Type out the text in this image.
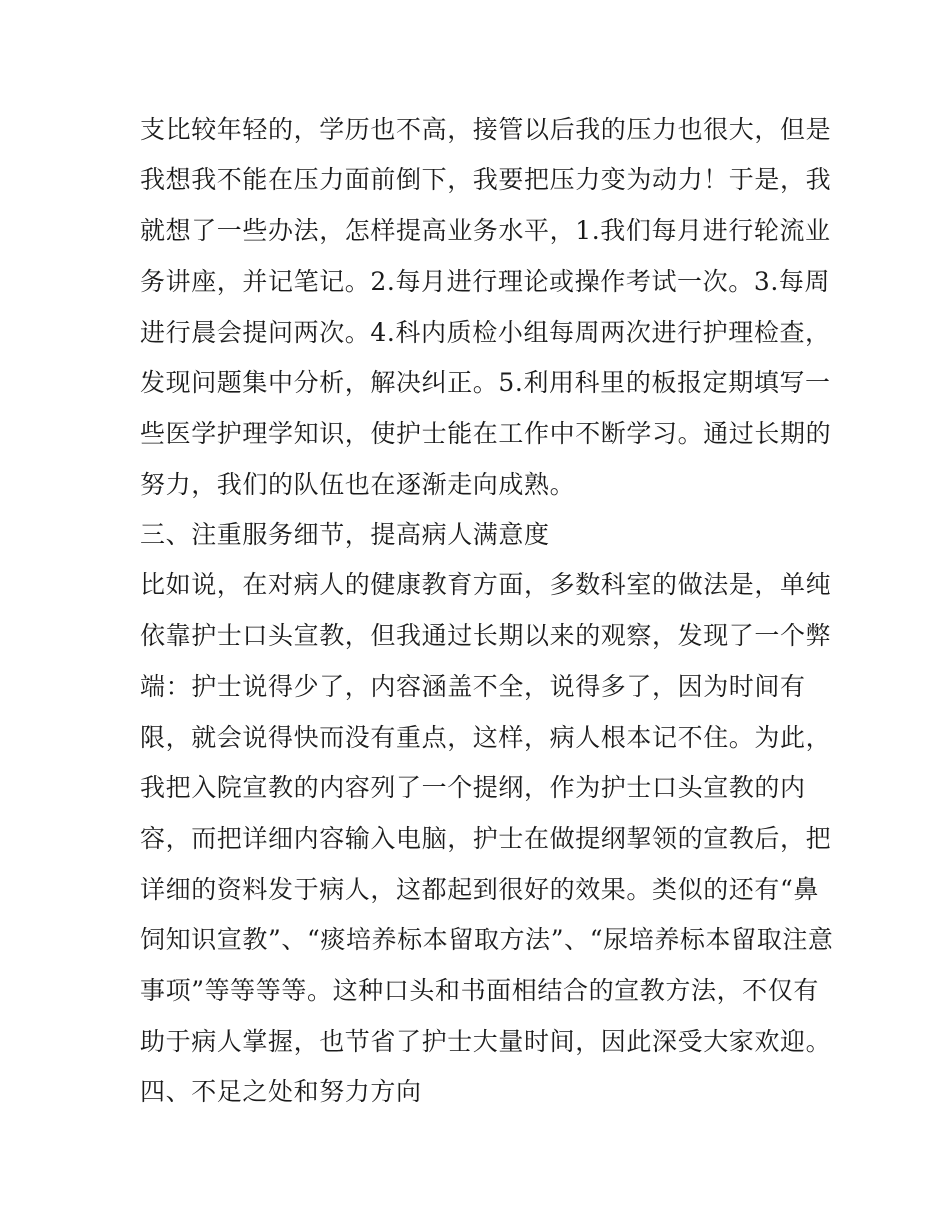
支比较年轻的，学历也不高，接管以后我的压力也很大，但是
我想我不能在压力面前倒下，我要把压力变为动力！于是，我
就想了一些办法，怎样提高业务水平，1.我们每月进行轮流业
务讲座，并记笔记。2.每月进行理论或操作考试一次。3.每周
进行晨会提问两次。4.科内质检小组每周两次进行护理检查，
发现问题集中分析，解决纠正。5.利用科里的板报定期填写一
些医学护理学知识，使护士能在工作中不断学习。通过长期的
努力，我们的队伍也在逐渐走向成熟。
三、注重服务细节，提高病人满意度
比如说，在对病人的健康教育方面，多数科室的做法是，单纯
依靠护士口头宣教，但我通过长期以来的观察，发现了一个弊
端：护士说得少了，内容涵盖不全，说得多了，因为时间有
限，就会说得快而没有重点，这样，病人根本记不住。为此，
我把入院宣教的内容列了一个提纲，作为护士口头宣教的内
容，而把详细内容输入电脑，护士在做提纲挈领的宣教后，把
详细的资料发于病人，这都起到很好的效果。类似的还有“鼻
饲知识宣教”、“痰培养标本留取方法”、“尿培养标本留取注意
事项”等等等等。这种口头和书面相结合的宣教方法，不仅有
助于病人掌握，也节省了护士大量时间，因此深受大家欢迎。
四、不足之处和努力方向
